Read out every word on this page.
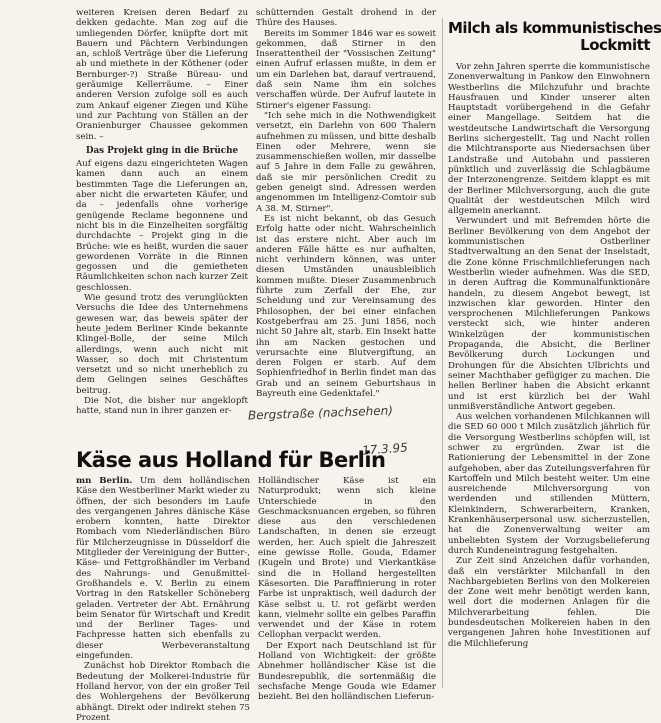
weiteren Kreisen deren Bedarf zu dekken gedachte. Man zog auf die umliegenden Dörfer, knüpfte dort mit Bauern und Pächtern Verbindungen an, schloß Verträge über die Lieferung ab und miethete in der Köthener (oder Bernburger-?) Straße Büreau- und geräumige Kellerräume. – Einer anderen Version zufolge soll es auch zum Ankauf eigener Ziegen und Kühe und zur Pachtung von Ställen an der Oranienburger Chaussee gekommen sein. –

Das Projekt ging in die Brüche

Auf eigens dazu eingerichteten Wagen kamen dann auch an einem bestimmten Tage die Lieferungen an, aber nicht die erwarteten Käufer, und da – jedenfalls ohne vorherige genügende Reclame begonnene und nicht bis in die Einzelheiten sorgfältig durchdachte – Projekt ging in die Brüche: wie es heißt, wurden die sauer gewordenen Vorräte in die Rinnen gegossen und die gemietheten Räumlichkeiten schon nach kurzer Zeit geschlossen.

Wie gesund trotz des verunglückten Versuchs die Idee des Unternehmens gewesen war, das beweis später der heute jedem Berliner Kinde bekannte Klingel-Bolle, der seine Milch allerdings, wenn auch nicht mit Wasser, so doch mit Christentum versetzt und so nicht unerheblich zu dem Gelingen seines Geschäftes beitrug.

Die Not, die bisher nur angeklopft hatte, stand nun in ihrer ganzen er-

schütternden Gestalt drohend in der Thüre des Hauses.

Bereits im Sommer 1846 war es soweit gekommen, daß Stirner in den Inserattentheil der "Vossischen Zeitung" einen Aufruf erlassen mußte, in dem er um ein Darlehen bat, darauf vertrauend, daß sein Name ihm ein solches verschaffen würde. Der Aufruf lautete in Stirner's eigener Fassung:

"Ich sehe mich in die Nothwendigkeit versetzt, ein Darlehn von 600 Thalern aufnehmen zu müssen, und bitte deshalb Einen oder Mehrere, wenn sie zusammenschießen wollen, mir dasselbe auf 5 Jahre in dem Falle zu gewähren, daß sie mir persönlichen Credit zu geben geneigt sind. Adressen werden angenommen im Intelligenz-Comtoir sub A 38. M. Stirner".

Es ist nicht bekannt, ob das Gesuch Erfolg hatte oder nicht. Wahrscheinlich ist das erstere nicht. Aber auch im anderen Fälle hätte es nur aufhalten, nicht verhindern können, was unter diesen Umständen unausbleiblich kommen mußte. Dieser Zusammenbruch führte zum Zerfall der Ehe, zur Scheidung und zur Vereinsamung des Philosophen, der bei einer einfachen Kostgeberfrau am 25. Juni 1856, noch nicht 50 Jahre alt, starb. Ein Insekt hatte ihn am Nacken gestochen und verursachte eine Blutvergiftung, an deren Folgen er starb. Auf dem Sophienfriedhof in Berlin findet man das Grab und an seinem Geburtshaus in Bayreuth eine Gedenktafel."

Bergstraße (nachsehen)
17.3.95
Milch als kommunistisches
Lockmitt

Vor zehn Jahren sperrte die kommunistische Zonenverwaltung in Pankow den Einwohnern Westberlins die Milchzufuhr und brachte Hausfrauen und Kinder unserer alten Hauptstadt vorübergehend in die Gefahr einer Mangellage. Seitdem hat die westdeutsche Landwirtschaft die Versorgung Berlins sichergestellt. Tag und Nacht rollen die Milchtransporte aus Niedersachsen über Landstraße und Autobahn und passieren pünktlich und zuverlässig die Schlagbäume der Interzonengrenze. Seitdem klappt es mit der Berliner Milchversorgung, auch die gute Qualität der westdeutschen Milch wird allgemein anerkannt.

Verwundert und mit Befremden hörte die Berliner Bevölkerung von dem Angebot der kommunistischen Ostberliner Stadtverwaltung an den Senat der Inselstadt, die Zone könne Frischmilchlieferungen nach Westberlin wieder aufnehmen. Was die SED, in deren Auftrag die Kommunalfunktionäre handeln, zu diesem Angebot bewegt, ist inzwischen klar geworden. Hinter den versprochenen Milchlieferungen Pankows versteckt sich, wie hinter anderen Winkelzügen der kommunistischen Propaganda, die Absicht, die Berliner Bevölkerung durch Lockungen und Drohungen für die Absichten Ulbrichts und seiner Machthaber gefügiger zu machen. Die hellen Berliner haben die Absicht erkannt und ist erst kürzlich bei der Wahl unmißverständliche Antwort gegeben.

Aus welchen vorhandenen Milchkannen will die SED 60 000 t Milch zusätzlich jährlich für die Versorgung Westberlins schöpfen will, ist schwer zu ergründen. Zwar ist die Rationierung der Lebensmittel in der Zone aufgehoben, aber das Zuteilungsverfahren für Kartoffeln und Milch besteht weiter. Um eine ausreichende Milchversorgung von werdenden und stillenden Müttern, Kleinkindern, Schwerarbeitern, Kranken, Krankenhäuserpersonal usw. sicherzustellen, hat die Zonenverwaltung weiter am unbeliebten System der Vorzugsbelieferung durch Kundeneintragung festgehalten.

Zur Zeit sind Anzeichen dafür vorhanden, daß ein verstärkter Milchanfall in den Nachbargebieten Berlins von den Molkereien der Zone weit mehr benötigt werden kann, weil dort die modernen Anlagen für die Milchverarbeitung fehlen. Die bundesdeutschen Molkereien haben in den vergangenen Jahren hohe Investitionen auf die Milchlieferung

Käse aus Holland für Berlin

mn Berlin. Um dem holländischen Käse den Westberliner Markt wieder zu öffnen, der sich besonders im Laufe des vergangenen Jahres dänische Käse erobern konnten, hatte Direktor Rombach vom Niederländischen Büro für Milcherzeugnisse in Düsseldorf die Mitglieder der Vereinigung der Butter-, Käse- und Fettgroßhändler im Verband des Nahrungs- und Genußmittel-Großhandels e. V. Berlin zu einem Vortrag in den Ratskeller Schöneberg geladen. Vertreter der Abt. Ernährung beim Senator für Wirtschaft und Kredit und der Berliner Tages- und Fachpresse hatten sich ebenfalls zu dieser Werbeveranstaltung eingefunden.

Zunächst hob Direktor Rombach die Bedeutung der Molkerei-Industrie für Holland hervor, von der ein großer Teil des Wohlergehens der Bevölkerung abhängt. Direkt oder indirekt stehen 75 Prozent

Holländischer Käse ist ein Naturprodukt; wenn sich kleine Unterschiede in den Geschmacksnuancen ergeben, so führen diese aus den verschiedenen Landschaften, in denen sie erzeugt werden, her. Auch spielt die Jahreszeit eine gewisse Rolle. Gouda, Edamer (Kugeln und Brote) und Vierkantkäse sind die in Holland hergestellten Käsesorten. Die Paraffinierung in roter Farbe ist unpraktisch, weil dadurch der Käse selbst u. U. rot gefärbt werden kann, vielmehr sollte ein gelbes Paraffin verwendet und der Käse in rotem Cellophan verpackt werden.

Der Export nach Deutschland ist für Holland von Wichtigkeit: der größte Abnehmer holländischer Käse ist die Bundesrepublik, die sortenmäßig die sechsfache Menge Gouda wie Edamer bezieht. Bei den holländischen Lieferun-
